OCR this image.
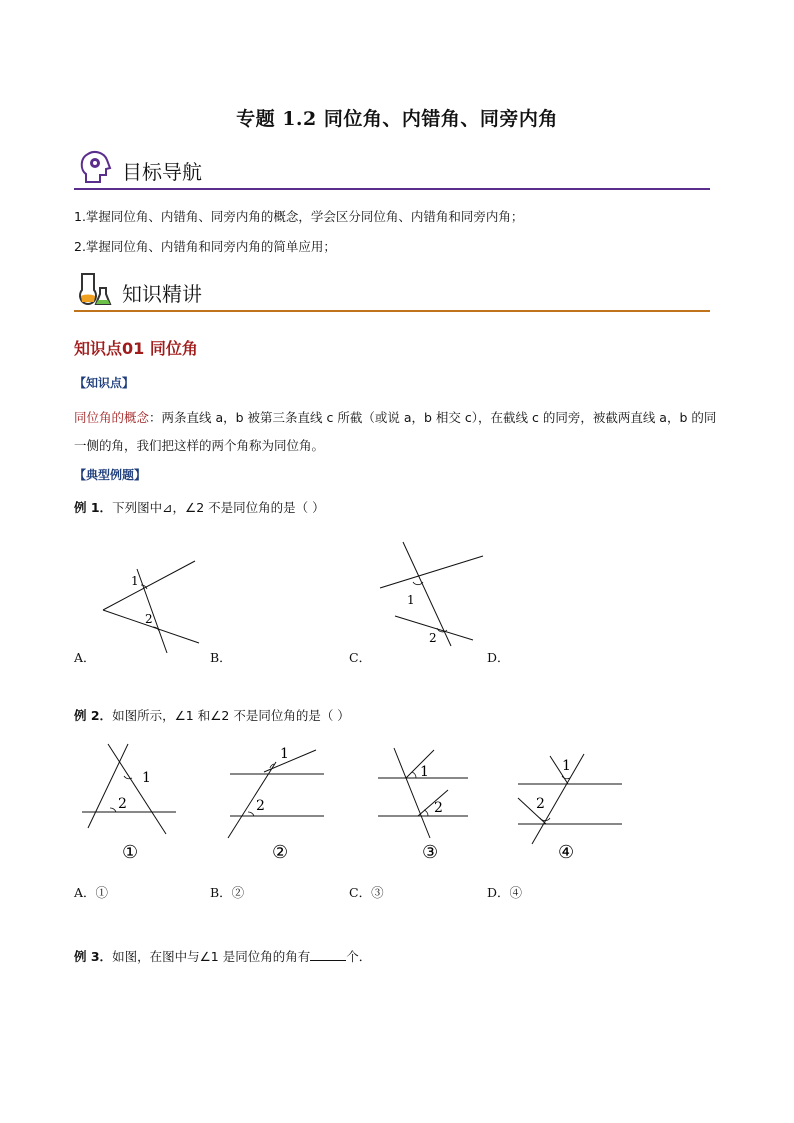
专题 1.2 同位角、内错角、同旁内角
目标导航
1.掌握同位角、内错角、同旁内角的概念，学会区分同位角、内错角和同旁内角；
2.掌握同位角、内错角和同旁内角的简单应用；
知识精讲
知识点01 同位角
【知识点】
同位角的概念：两条直线 a，b 被第三条直线 c 所截（或说 a，b 相交 c），在截线 c 的同旁，被截两直线 a，b 的同一侧的角，我们把这样的两个角称为同位角。
【典型例题】
例 1．下列图中⊿，∠2 不是同位角的是（ ）
1
2
1
2
A．	B．	C．	D．
例 2．如图所示，∠1 和∠2 不是同位角的是（ ）
1
2
①
1
2
②
1
2
③
1
2
④
A．①	B．②	C．③	D．④
例 3．如图，在图中与∠1 是同位角的角有	个．
